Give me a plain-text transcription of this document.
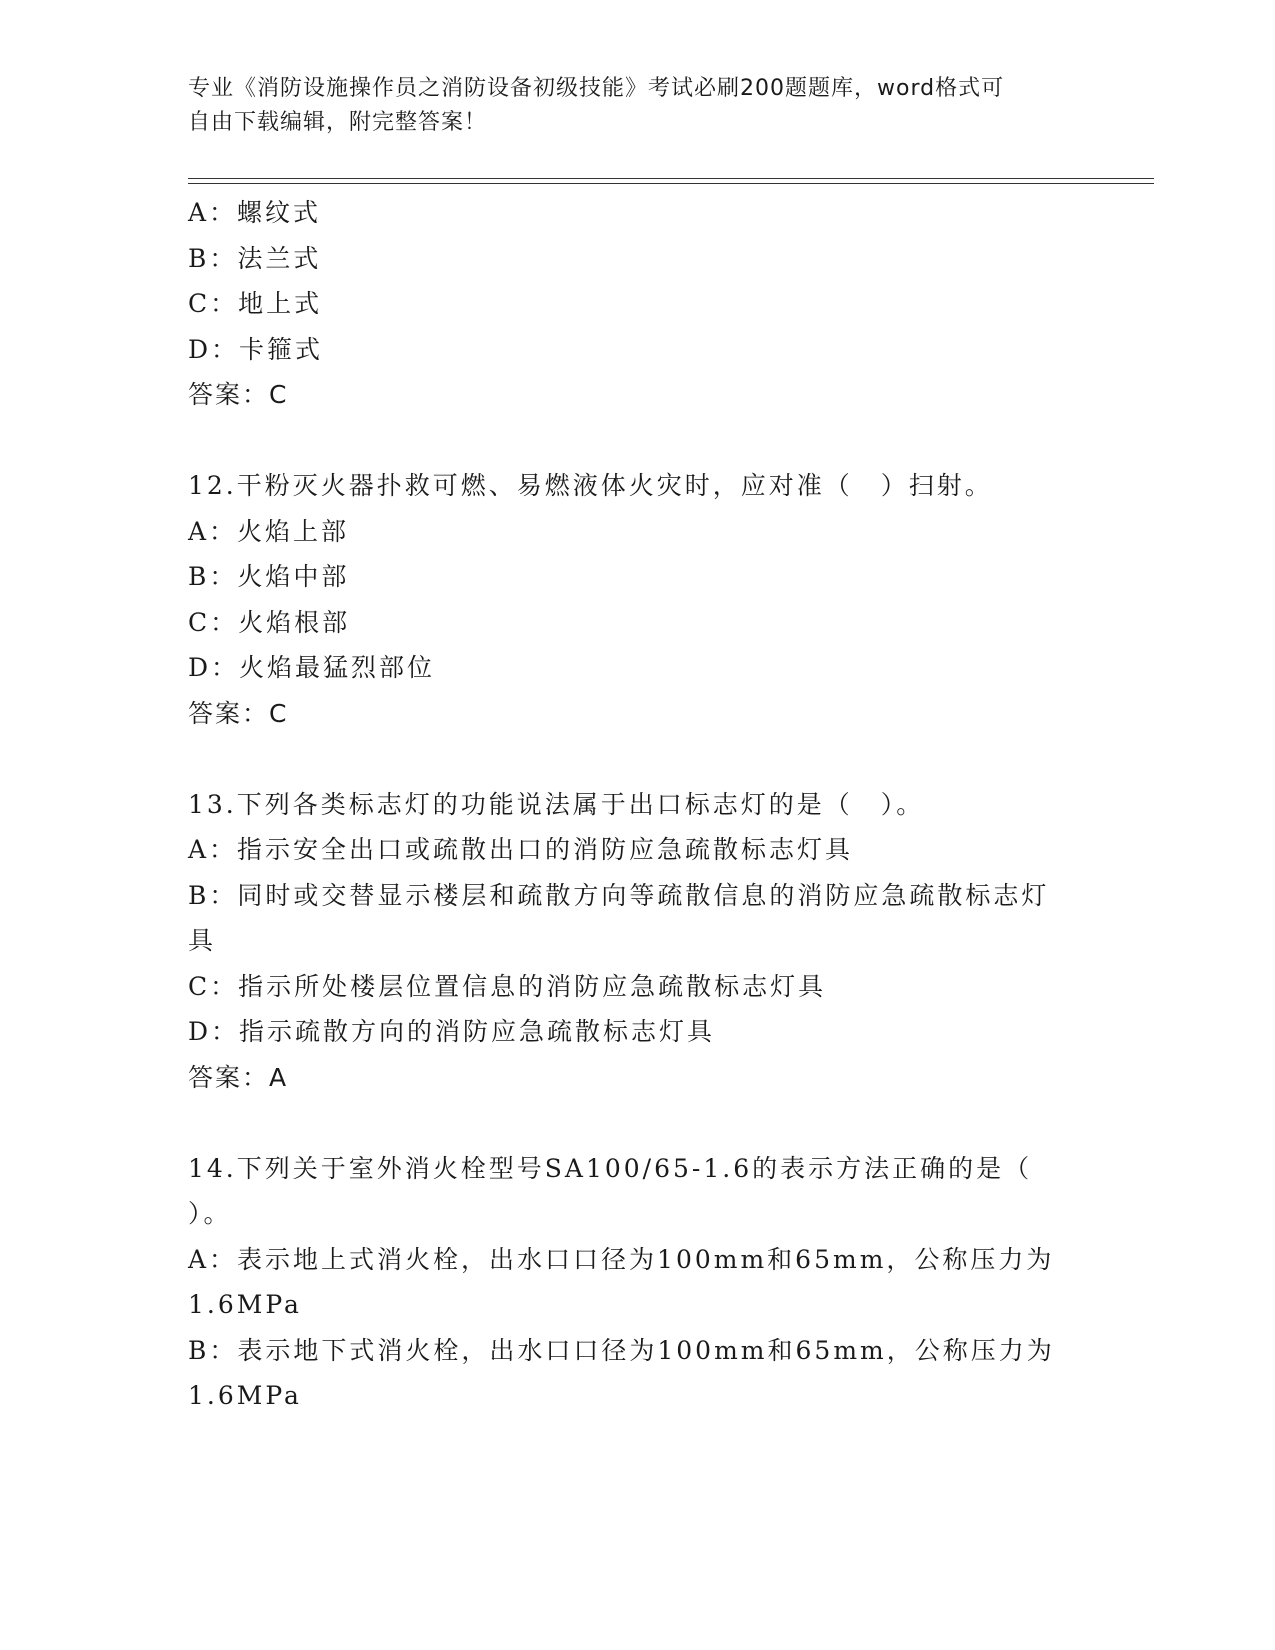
专业《消防设施操作员之消防设备初级技能》考试必刷200题题库，word格式可
自由下载编辑，附完整答案！
A：螺纹式
B：法兰式
C：地上式
D：卡箍式
答案：C
12.干粉灭火器扑救可燃、易燃液体火灾时，应对准（　）扫射。
A：火焰上部
B：火焰中部
C：火焰根部
D：火焰最猛烈部位
答案：C
13.下列各类标志灯的功能说法属于出口标志灯的是（　）。
A：指示安全出口或疏散出口的消防应急疏散标志灯具
B：同时或交替显示楼层和疏散方向等疏散信息的消防应急疏散标志灯
具
C：指示所处楼层位置信息的消防应急疏散标志灯具
D：指示疏散方向的消防应急疏散标志灯具
答案：A
14.下列关于室外消火栓型号SA100/65-1.6的表示方法正确的是（
）。
A：表示地上式消火栓，出水口口径为100mm和65mm，公称压力为
1.6MPa
B：表示地下式消火栓，出水口口径为100mm和65mm，公称压力为
1.6MPa
